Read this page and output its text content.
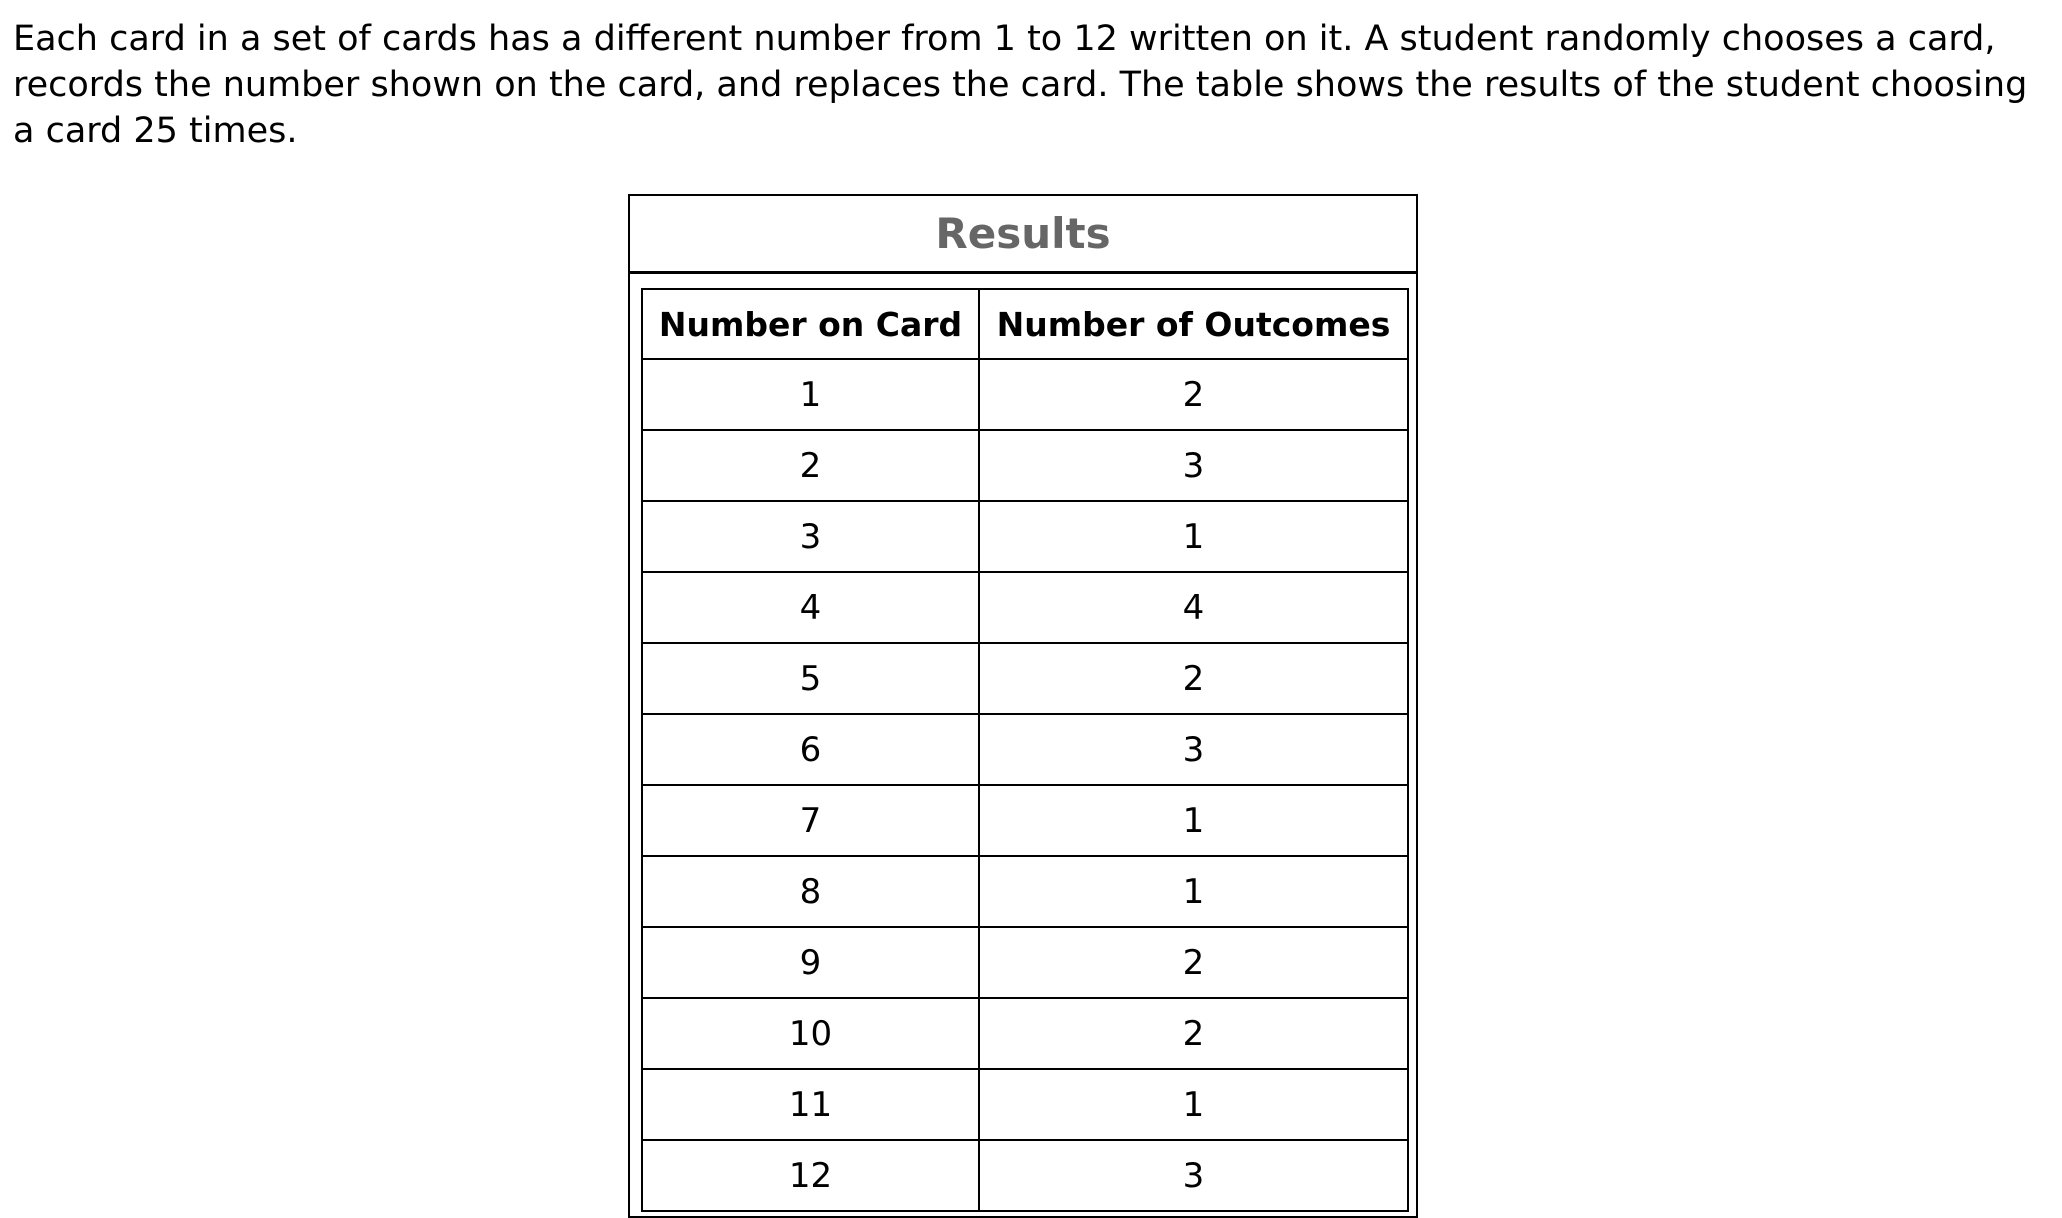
Each card in a set of cards has a different number from 1 to 12 written on it. A student randomly chooses a card, records the number shown on the card, and replaces the card. The table shows the results of the student choosing a card 25 times.

Results
Number on Card	Number of Outcomes
1	2
2	3
3	1
4	4
5	2
6	3
7	1
8	1
9	2
10	2
11	1
12	3
